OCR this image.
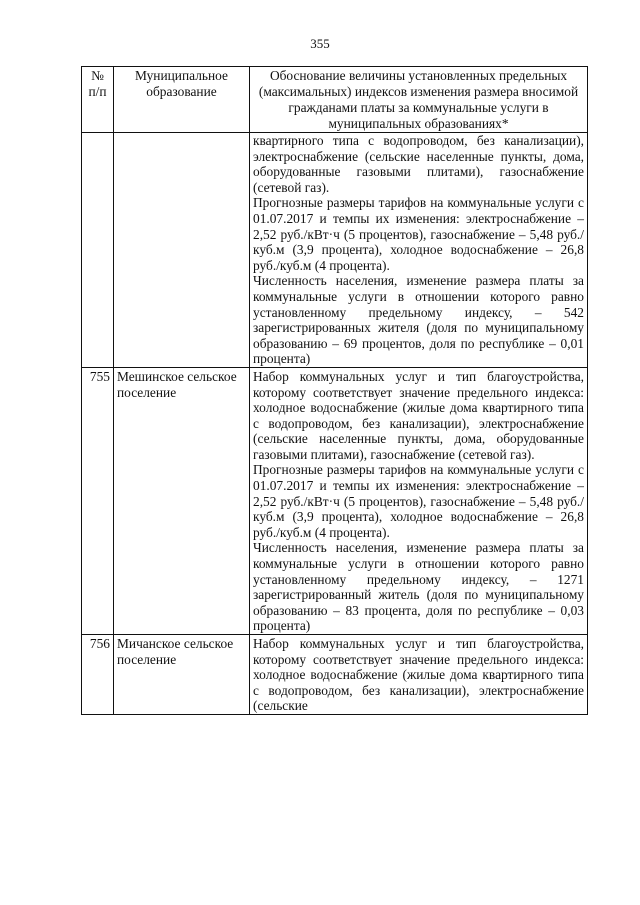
355
№ п/п	Муниципальное образование	Обоснование величины установленных предельных (максимальных) индексов изменения размера вносимой гражданами платы за коммунальные услуги в муниципальных образованиях*

		квартирного типа с водопроводом, без канализации), электроснабжение (сельские населенные пункты, дома, оборудованные газовыми плитами), газоснабжение (сетевой газ).

Прогнозные размеры тарифов на коммунальные услуги с 01.07.2017 и темпы их изменения: электроснабжение – 2,52 руб./кВт·ч (5 процентов), газоснабжение – 5,48 руб./куб.м (3,9 процента), холодное водоснабжение – 26,8 руб./куб.м (4 процента).

Численность населения, изменение размера платы за коммунальные услуги в отношении которого равно установленному предельному индексу, – 542 зарегистрированных жителя (доля по муниципальному образованию – 69 процентов, доля по республике – 0,01 процента)

755	Мешинское сельское поселение	Набор коммунальных услуг и тип благоустройства, которому соответствует значение предельного индекса: холодное водоснабжение (жилые дома квартирного типа с водопроводом, без канализации), электроснабжение (сельские населенные пункты, дома, оборудованные газовыми плитами), газоснабжение (сетевой газ).

Прогнозные размеры тарифов на коммунальные услуги с 01.07.2017 и темпы их изменения: электроснабжение – 2,52 руб./кВт·ч (5 процентов), газоснабжение – 5,48 руб./куб.м (3,9 процента), холодное водоснабжение – 26,8 руб./куб.м (4 процента).

Численность населения, изменение размера платы за коммунальные услуги в отношении которого равно установленному предельному индексу, – 1271 зарегистрированный житель (доля по муниципальному образованию – 83 процента, доля по республике – 0,03 процента)

756	Мичанское сельское поселение	Набор коммунальных услуг и тип благоустройства, которому соответствует значение предельного индекса: холодное водоснабжение (жилые дома квартирного типа с водопроводом, без канализации), электроснабжение (сельские
